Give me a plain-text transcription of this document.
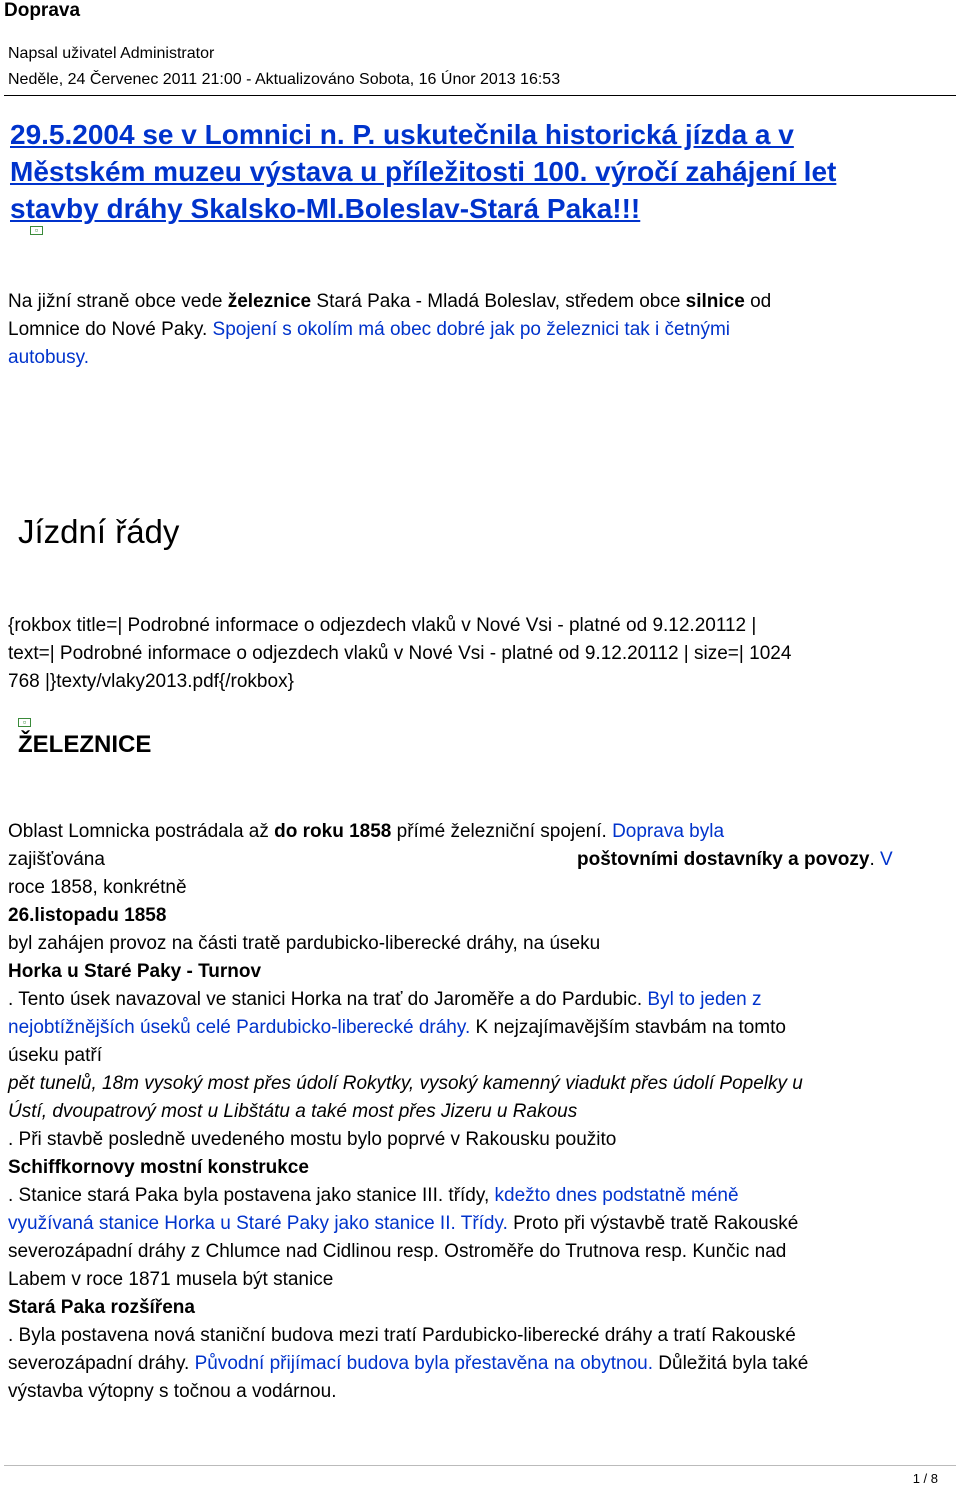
Doprava
Napsal uživatel Administrator
Neděle, 24 Červenec 2011 21:00 - Aktualizováno Sobota, 16 Únor 2013 16:53
29.5.2004 se v Lomnici n. P. uskutečnila historická jízda a v
Městském muzeu výstava u příležitosti 100. výročí zahájení let
stavby dráhy Skalsko-Ml.Boleslav-Stará Paka!!!
▫
Na jižní straně obce vede železnice Stará Paka - Mladá Boleslav, středem obce silnice od
Lomnice do Nové Paky. Spojení s okolím má obec dobré jak po železnici tak i četnými
autobusy.
Jízdní řády
{rokbox title=| Podrobné informace o odjezdech vlaků v Nové Vsi - platné od 9.12.20112 |
text=| Podrobné informace o odjezdech vlaků v Nové Vsi - platné od 9.12.20112 | size=| 1024
768 |}texty/vlaky2013.pdf{/rokbox}
▫
ŽELEZNICE
Oblast Lomnicka postrádala až do roku 1858 přímé železniční spojení. Doprava byla
zajišťována	poštovními dostavníky a povozy. V
roce 1858, konkrétně
26.listopadu 1858
byl zahájen provoz na části tratě pardubicko-liberecké dráhy, na úseku
Horka u Staré Paky - Turnov
. Tento úsek navazoval ve stanici Horka na trať do Jaroměře a do Pardubic. Byl to jeden z
nejobtížnějších úseků celé Pardubicko-liberecké dráhy. K nejzajímavějším stavbám na tomto
úseku patří
pět tunelů, 18m vysoký most přes údolí Rokytky, vysoký kamenný viadukt přes údolí Popelky u
Ústí, dvoupatrový most u Libštátu a také most přes Jizeru u Rakous
. Při stavbě posledně uvedeného mostu bylo poprvé v Rakousku použito
Schiffkornovy mostní konstrukce
. Stanice stará Paka byla postavena jako stanice III. třídy, kdežto dnes podstatně méně
využívaná stanice Horka u Staré Paky jako stanice II. Třídy. Proto při výstavbě tratě Rakouské
severozápadní dráhy z Chlumce nad Cidlinou resp. Ostroměře do Trutnova resp. Kunčic nad
Labem v roce 1871 musela být stanice
Stará Paka rozšířena
. Byla postavena nová staniční budova mezi tratí Pardubicko-liberecké dráhy a tratí Rakouské
severozápadní dráhy. Původní přijímací budova byla přestavěna na obytnou. Důležitá byla také
výstavba výtopny s točnou a vodárnou.
1 / 8
